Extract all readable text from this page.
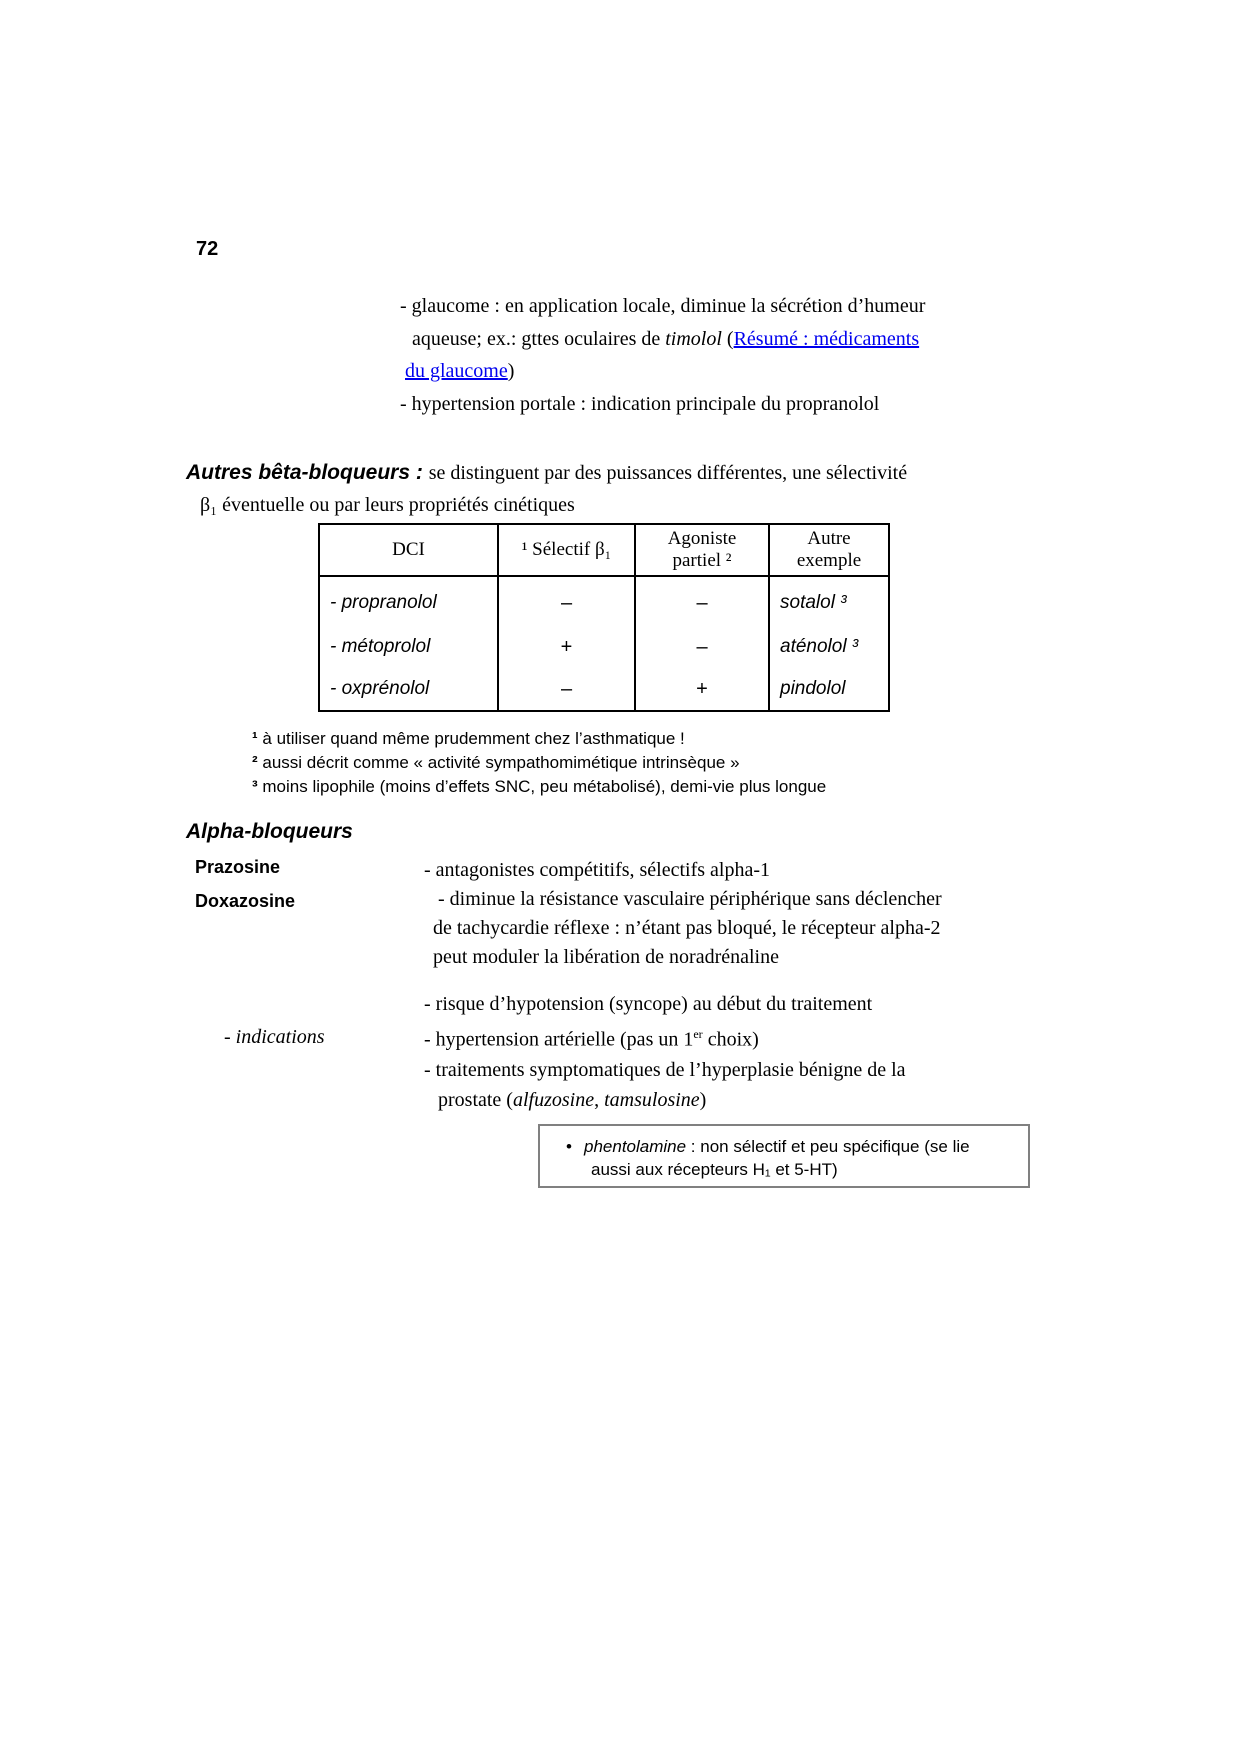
72
- glaucome : en application locale, diminue la sécrétion d’humeur
aqueuse; ex.: gttes oculaires de timolol (Résumé : médicaments
du glaucome)
- hypertension portale : indication principale du propranolol
Autres bêta-bloqueurs : se distinguent par des puissances différentes, une sélectivité
β₁ éventuelle ou par leurs propriétés cinétiques
DCI	¹ Sélectif β₁	Agoniste partiel ²	Autre exemple
- propranolol	–	–	sotalol ³
- métoprolol	+	–	aténolol ³
- oxprénolol	–	+	pindolol
¹ à utiliser quand même prudemment chez l’asthmatique !
² aussi décrit comme « activité sympathomimétique intrinsèque »
³ moins lipophile (moins d’effets SNC, peu métabolisé), demi-vie plus longue
Alpha-bloqueurs
Prazosine
Doxazosine
- antagonistes compétitifs, sélectifs alpha-1
- diminue la résistance vasculaire périphérique sans déclencher
de tachycardie réflexe : n’étant pas bloqué, le récepteur alpha-2
peut moduler la libération de noradrénaline
- risque d’hypotension (syncope) au début du traitement
- hypertension artérielle (pas un 1er choix)
- traitements symptomatiques de l’hyperplasie bénigne de la
prostate (alfuzosine, tamsulosine)
- indications
• phentolamine : non sélectif et peu spécifique (se lie
aussi aux récepteurs H₁ et 5-HT)
